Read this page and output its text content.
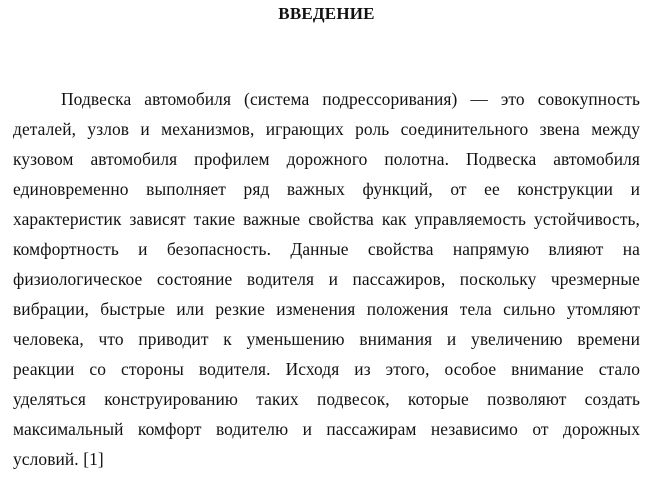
ВВЕДЕНИЕ
Подвеска автомобиля (система подрессоривания) — это совокупность
деталей, узлов и механизмов, играющих роль соединительного звена между
кузовом автомобиля профилем дорожного полотна. Подвеска автомобиля
единовременно выполняет ряд важных функций, от ее конструкции и
характеристик зависят такие важные свойства как управляемость устойчивость,
комфортность и безопасность. Данные свойства напрямую влияют на
физиологическое состояние водителя и пассажиров, поскольку чрезмерные
вибрации, быстрые или резкие изменения положения тела сильно утомляют
человека, что приводит к уменьшению внимания и увеличению времени
реакции со стороны водителя. Исходя из этого, особое внимание стало
уделяться конструированию таких подвесок, которые позволяют создать
максимальный комфорт водителю и пассажирам независимо от дорожных
условий. [1]
